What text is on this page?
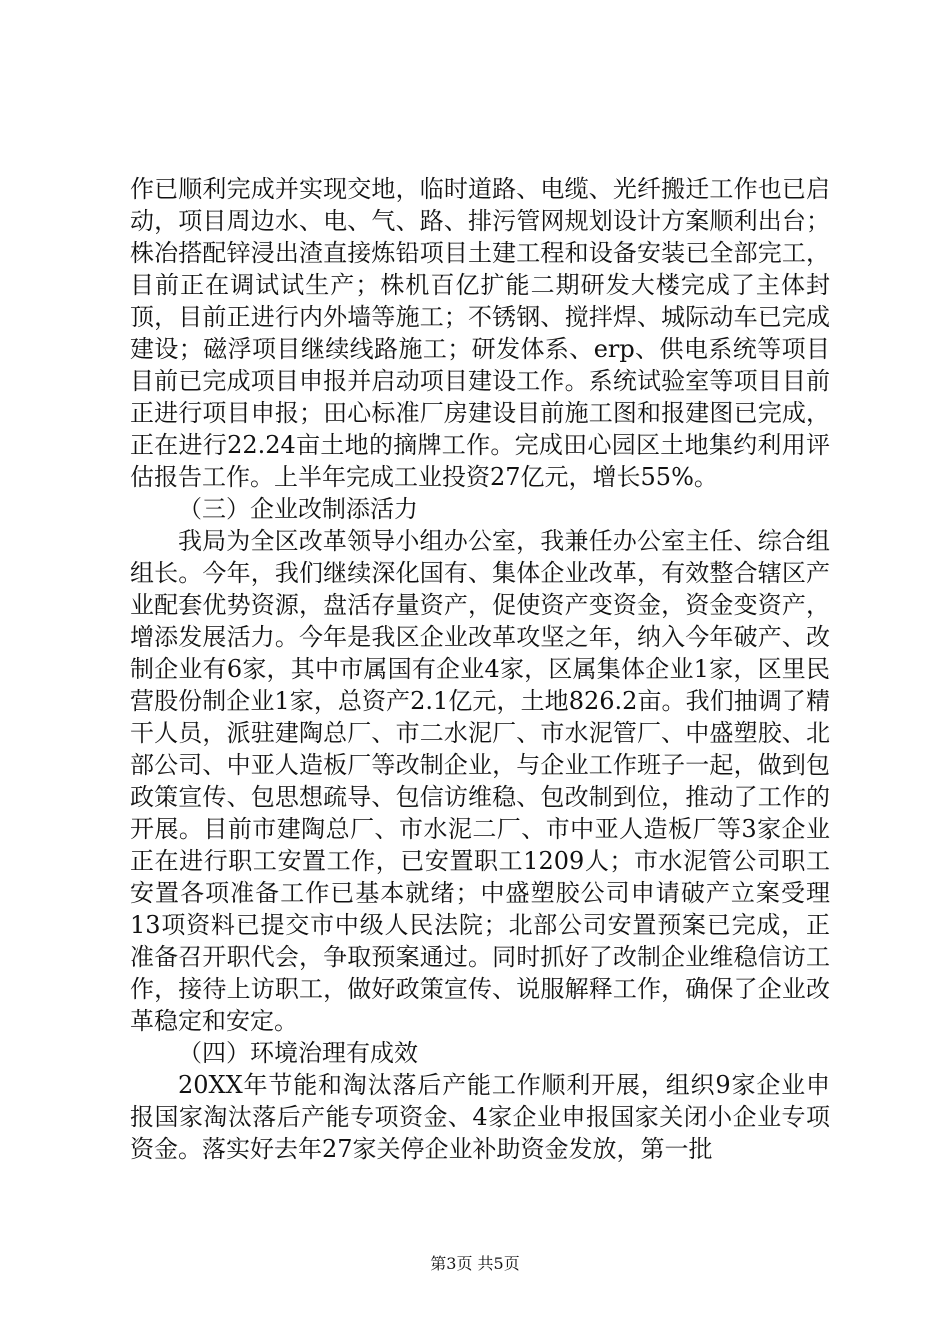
作已顺利完成并实现交地，临时道路、电缆、光纤搬迁工作也已启动，项目周边水、电、气、路、排污管网规划设计方案顺利出台；株冶搭配锌浸出渣直接炼铅项目土建工程和设备安装已全部完工，目前正在调试试生产；株机百亿扩能二期研发大楼完成了主体封顶，目前正进行内外墙等施工；不锈钢、搅拌焊、城际动车已完成建设；磁浮项目继续线路施工；研发体系、erp、供电系统等项目目前已完成项目申报并启动项目建设工作。系统试验室等项目目前正进行项目申报；田心标准厂房建设目前施工图和报建图已完成，正在进行22.24亩土地的摘牌工作。完成田心园区土地集约利用评估报告工作。上半年完成工业投资27亿元，增长55%。

（三）企业改制添活力

我局为全区改革领导小组办公室，我兼任办公室主任、综合组组长。今年，我们继续深化国有、集体企业改革，有效整合辖区产业配套优势资源，盘活存量资产，促使资产变资金，资金变资产，增添发展活力。今年是我区企业改革攻坚之年，纳入今年破产、改制企业有6家，其中市属国有企业4家，区属集体企业1家，区里民营股份制企业1家，总资产2.1亿元，土地826.2亩。我们抽调了精干人员，派驻建陶总厂、市二水泥厂、市水泥管厂、中盛塑胶、北部公司、中亚人造板厂等改制企业，与企业工作班子一起，做到包政策宣传、包思想疏导、包信访维稳、包改制到位，推动了工作的开展。目前市建陶总厂、市水泥二厂、市中亚人造板厂等3家企业正在进行职工安置工作，已安置职工1209人；市水泥管公司职工安置各项准备工作已基本就绪；中盛塑胶公司申请破产立案受理13项资料已提交市中级人民法院；北部公司安置预案已完成，正准备召开职代会，争取预案通过。同时抓好了改制企业维稳信访工作，接待上访职工，做好政策宣传、说服解释工作，确保了企业改革稳定和安定。

（四）环境治理有成效

20XX年节能和淘汰落后产能工作顺利开展，组织9家企业申报国家淘汰落后产能专项资金、4家企业申报国家关闭小企业专项资金。落实好去年27家关停企业补助资金发放，第一批

第3页 共5页
